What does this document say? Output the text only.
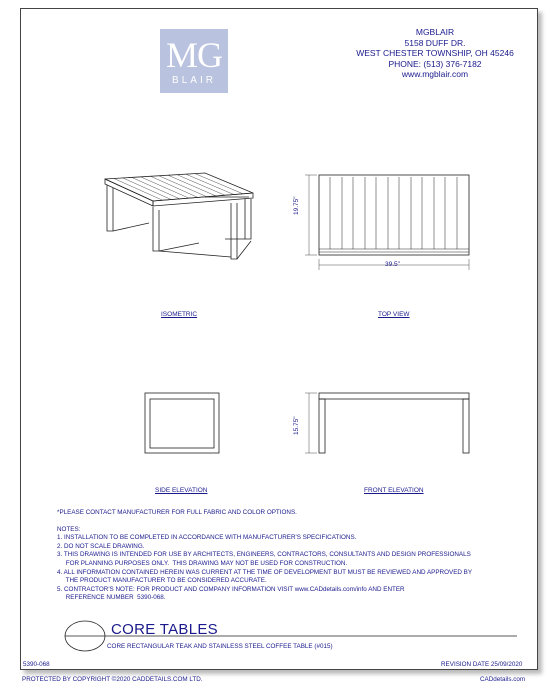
MG
BLAIR
MGBLAIR
5158 DUFF DR.
WEST CHESTER TOWNSHIP, OH 45246
PHONE: (513) 376-7182
www.mgblair.com
ISOMETRIC
19.75"
39.5"
TOP VIEW
SIDE ELEVATION
15.75"
FRONT ELEVATION
*PLEASE CONTACT MANUFACTURER FOR FULL FABRIC AND COLOR OPTIONS.
NOTES:
1. INSTALLATION TO BE COMPLETED IN ACCORDANCE WITH MANUFACTURER'S SPECIFICATIONS.
2. DO NOT SCALE DRAWING.
3. THIS DRAWING IS INTENDED FOR USE BY ARCHITECTS, ENGINEERS, CONTRACTORS, CONSULTANTS AND DESIGN PROFESSIONALS
FOR PLANNING PURPOSES ONLY.  THIS DRAWING MAY NOT BE USED FOR CONSTRUCTION.
4. ALL INFORMATION CONTAINED HEREIN WAS CURRENT AT THE TIME OF DEVELOPMENT BUT MUST BE REVIEWED AND APPROVED BY
THE PRODUCT MANUFACTURER TO BE CONSIDERED ACCURATE.
5. CONTRACTOR'S NOTE: FOR PRODUCT AND COMPANY INFORMATION VISIT www.CADdetails.com/info AND ENTER
REFERENCE NUMBER  5390-068.
CORE TABLES
CORE RECTANGULAR TEAK AND STAINLESS STEEL COFFEE TABLE (#015)
5390-068	REVISION DATE 25/09/2020
PROTECTED BY COPYRIGHT ©2020 CADDETAILS.COM LTD.	CADdetails.com
